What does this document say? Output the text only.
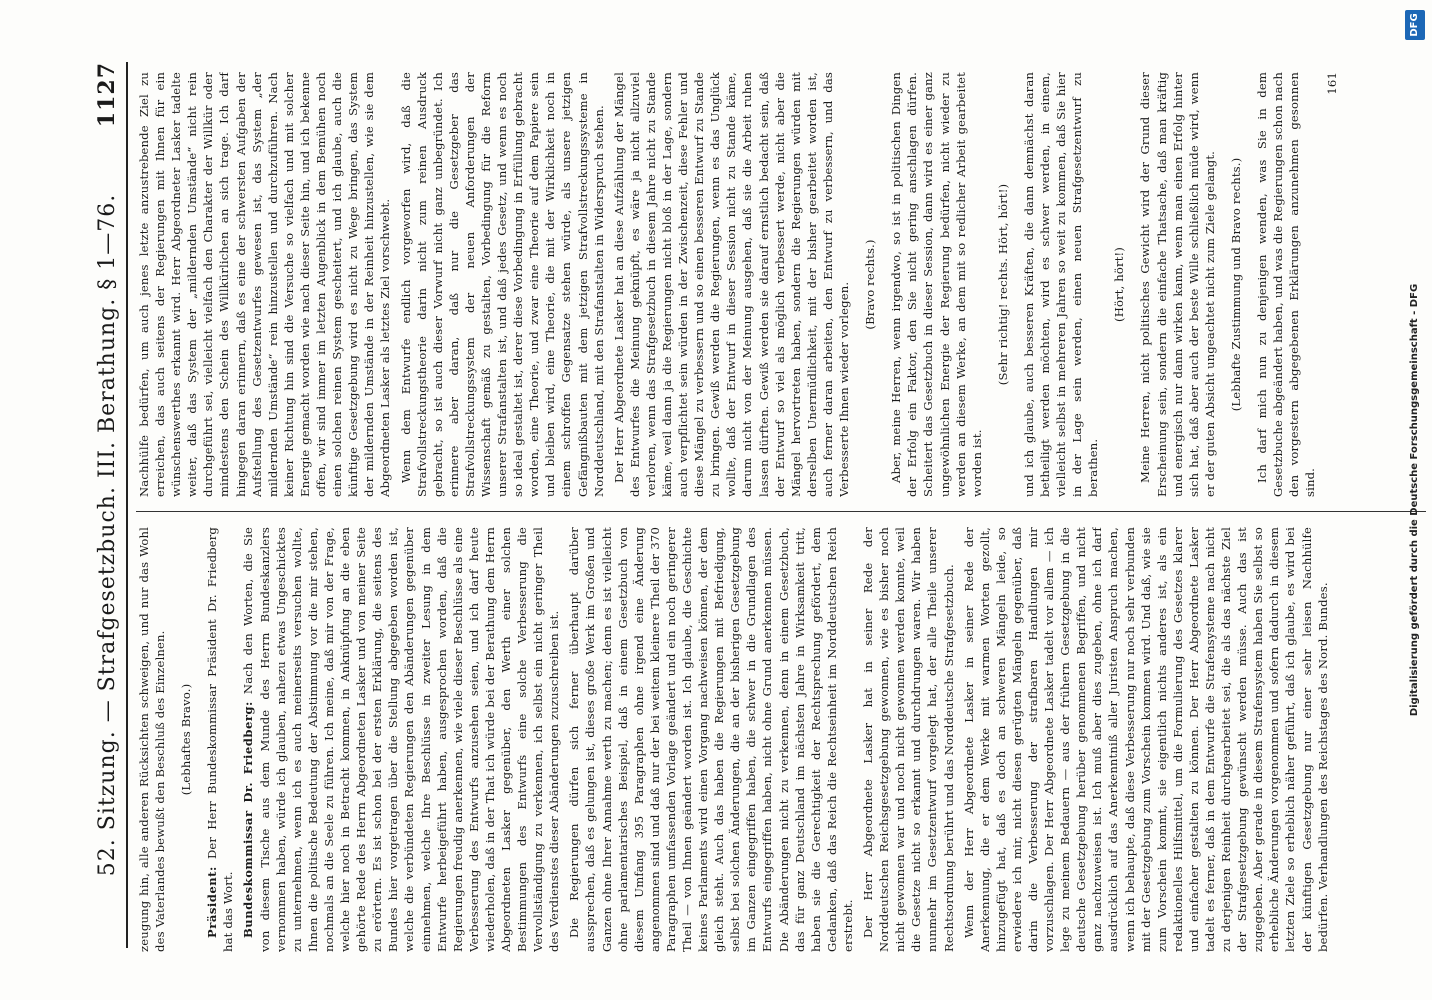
52. Sitzung. — Strafgesetzbuch. III. Berathung. § 1—76.
1127

zeugung hin, alle anderen Rücksichten schweigen, und nur das Wohl des Vaterlandes bewußt den Beschluß des Einzelnen. (Lebhaftes Bravo.)

Präsident: Der Herr Bundeskommissar Präsident Dr. Friedberg hat das Wort. Bundeskommissar Dr. Friedberg: Nach den Worten, die Sie von diesem Tische aus dem Munde des Herrn Bundeskanzlers vernommen haben, würde ich glauben, nahezu etwas Ungeschicktes zu unternehmen, wenn ich es auch meinerseits versuchen wollte, Ihnen die politische Bedeutung der Abstimmung vor die mir stehen, nochmals an die Seele zu führen. Ich meine, daß mir von der Frage, welche hier noch in Betracht kommen, in Anknüpfung an die eben gehörte Rede des Herrn Abgeordneten Lasker und von meiner Seite zu erörtern. Es ist schon bei der ersten Erklärung, die seitens des Bundes hier vorgetragen über die Stellung abgegeben worden ist, welche die verbündeten Regierungen den Abänderungen gegenüber einnehmen, welche Ihre Beschlüsse in zweiter Lesung in dem Entwurfe herbeigeführt haben, ausgesprochen worden, daß die Regierungen freudig anerkennen, wie viele dieser Beschlüsse als eine Verbesserung des Entwurfs anzusehen seien, und ich darf heute wiederholen, daß in der That ich würde bei der Berathung dem Herrn Abgeordneten Lasker gegenüber, den Werth einer solchen Bestimmungen des Entwurfs eine solche Verbesserung die Vervollständigung zu verkennen, ich selbst ein nicht geringer Theil des Verdienstes dieser Abänderungen zuzuschreiben ist. Die Regierungen dürfen sich ferner überhaupt darüber aussprechen, daß es gelungen ist, dieses große Werk im Großen und Ganzen ohne Ihrer Annahme werth zu machen; denn es ist vielleicht ohne parlamentarisches Beispiel, daß in einem Gesetzbuch von diesem Umfang 395 Paragraphen ohne irgend eine Änderung angenommen sind und daß nur der bei weitem kleinere Theil der 370 Paragraphen umfassenden Vorlage geändert und ein noch geringerer Theil — von Ihnen geändert worden ist. Ich glaube, die Geschichte keines Parlaments wird einen Vorgang nachweisen können, der dem gleich steht. Auch das haben die Regierungen mit Befriedigung, selbst bei solchen Änderungen, die an der bisherigen Gesetzgebung im Ganzen eingegriffen haben, die schwer in die Grundlagen des Entwurfs eingegriffen haben, nicht ohne Grund anerkennen müssen. Die Abänderungen nicht zu verkennen, denn in einem Gesetzbuch, das für ganz Deutschland im nächsten Jahre in Wirksamkeit tritt, haben sie die Gerechtigkeit der Rechtsprechung gefördert, dem Gedanken, daß das Reich die Rechtseinheit im Norddeutschen Reich erstrebt. Der Herr Abgeordnete Lasker hat in seiner Rede der Norddeutschen Reichsgesetzgebung gewonnen, wie es bisher noch nicht gewonnen war und noch nicht gewonnen werden konnte, weil die Gesetze nicht so erkannt und durchdrungen waren. Wir haben nunmehr im Gesetzentwurf vorgelegt hat, der alle Theile unserer Rechtsordnung berührt und das Norddeutsche Strafgesetzbuch. Wenn der Herr Abgeordnete Lasker in seiner Rede der Anerkennung, die er dem Werke mit warmen Worten gezollt, hinzugefügt hat, daß es doch an schweren Mängeln leide, so erwiedere ich mir, nicht diesen gerügten Mängeln gegenüber, daß darin die Verbesserung der strafbaren Handlungen mir vorzuschlagen. Der Herr Abgeordnete Lasker tadelt vor allem — ich lege zu meinem Bedauern — aus der frühern Gesetzgebung in die deutsche Gesetzgebung herüber genommenen Begriffen, und nicht ganz nachzuweisen ist. Ich muß aber dies zugeben, ohne ich darf ausdrücklich auf das Anerkenntniß aller Juristen Anspruch machen, wenn ich behaupte, daß diese Verbesserung nur noch sehr verbunden mit der Gesetzgebung zum Vorschein kommen wird. Und daß, wie sie zum Vorschein kommt, sie eigentlich nichts anderes ist, als ein redaktionelles Hilfsmittel, um die Formulierung des Gesetzes klarer und einfacher gestalten zu können. Der Herr Abgeordnete Lasker tadelt es ferner, daß in dem Entwurfe die Strafensysteme nach nicht zu derjenigen Reinheit durchgearbeitet sei, die als das nächste Ziel der Strafgesetzgebung gewünscht werden müsse. Auch das ist zugegeben. Aber gerade in diesem Strafensystem haben Sie selbst so erhebliche Änderungen vorgenommen und sofern dadurch in diesem letzten Ziele so erheblich näher geführt, daß ich glaube, es wird bei der künftigen Gesetzgebung nur einer sehr leisen Nachhülfe bedürfen. Verhandlungen des Reichstages des Nord. Bundes.

Nachhülfe bedürfen, um auch jenes letzte anzustrebende Ziel zu erreichen, das auch seitens der Regierungen mit Ihnen für ein wünschenswerthes erkannt wird. Herr Abgeordneter Lasker tadelte weiter, daß das System der „mildernden Umstände“ nicht rein durchgeführt sei, vielleicht vielfach den Charakter der Willkür oder mindestens den Schein des Willkürlichen an sich trage. Ich darf hingegen daran erinnern, daß es eine der schwersten Aufgaben der Aufstellung des Gesetzentwurfes gewesen ist, das System „der mildernden Umstände“ rein hinzustellen und durchzuführen. Nach keiner Richtung hin sind die Versuche so vielfach und mit solcher Energie gemacht worden wie nach dieser Seite hin, und ich bekenne offen, wir sind immer im letzten Augenblick in dem Bemühen noch einen solchen reinen System gescheitert, und ich glaube, auch die künftige Gesetzgebung wird es nicht zu Wege bringen, das System der mildernden Umstände in der Reinheit hinzustellen, wie sie dem Abgeordneten Lasker als letztes Ziel vorschwebt. Wenn dem Entwurfe endlich vorgeworfen wird, daß die Strafvollstreckungstheorie darin nicht zum reinen Ausdruck gebracht, so ist auch dieser Vorwurf nicht ganz unbegründet. Ich erinnere aber daran, daß nur die Gesetzgeber das Strafvollstreckungssystem der neuen Anforderungen der Wissenschaft gemäß zu gestalten, Vorbedingung für die Reform unserer Strafanstalten ist, und daß jedes Gesetz, und wenn es noch so ideal gestaltet ist, derer diese Vorbedingung in Erfüllung gebracht worden, eine Theorie, und zwar eine Theorie auf dem Papiere sein und bleiben wird, eine Theorie, die mit der Wirklichkeit noch in einem schroffen Gegensatze stehen würde, als unsere jetzigen Gefängnißbauten mit dem jetzigen Strafvollstreckungssysteme in Norddeutschland, mit den Strafanstalten in Widerspruch stehen. Der Herr Abgeordnete Lasker hat an diese Aufzählung der Mängel des Entwurfes die Meinung geknüpft, es wäre ja nicht allzuviel verloren, wenn das Strafgesetzbuch in diesem Jahre nicht zu Stande käme, weil dann ja die Regierungen nicht bloß in der Lage, sondern auch verpflichtet sein würden in der Zwischenzeit, diese Fehler und diese Mängel zu verbessern und so einen besseren Entwurf zu Stande zu bringen. Gewiß werden die Regierungen, wenn es das Unglück wollte, daß der Entwurf in dieser Session nicht zu Stande käme, darum nicht von der Meinung ausgehen, daß sie die Arbeit ruhen lassen dürften. Gewiß werden sie darauf ernstlich bedacht sein, daß der Entwurf so viel als möglich verbessert werde, nicht aber die Mängel hervortreten haben, sondern die Regierungen würden mit derselben Unermüdlichkeit, mit der bisher gearbeitet worden ist, auch ferner daran arbeiten, den Entwurf zu verbessern, und das Verbesserte Ihnen wieder vorlegen. (Bravo rechts.) Aber, meine Herren, wenn irgendwo, so ist in politischen Dingen der Erfolg ein Faktor, den Sie nicht gering anschlagen dürfen. Scheitert das Gesetzbuch in dieser Session, dann wird es einer ganz ungewöhnlichen Energie der Regierung bedürfen, nicht wieder zu werden an diesem Werke, an dem mit so redlicher Arbeit gearbeitet worden ist.

(Sehr richtig! rechts. Hört, hört!) und ich glaube, auch besseren Kräften, die dann demnächst daran betheiligt werden möchten, wird es schwer werden, in einem, vielleicht selbst in mehreren Jahren so weit zu kommen, daß Sie hier in der Lage sein werden, einen neuen Strafgesetzentwurf zu berathen.

(Hört, hört!) Meine Herren, nicht politisches Gewicht wird der Grund dieser Erscheinung sein, sondern die einfache Thatsache, daß man kräftig und energisch nur dann wirken kann, wenn man einen Erfolg hinter sich hat, daß aber auch der beste Wille schließlich müde wird, wenn er der guten Absicht ungeachtet nicht zum Ziele gelangt. (Lebhafte Zustimmung und Bravo rechts.) Ich darf mich nun zu denjenigen wenden, was Sie in dem Gesetzbuche abgeändert haben, und was die Regierungen schon nach den vorgestern abgegebenen Erklärungen anzunehmen gesonnen sind.

161

Digitalisierung gefördert durch die Deutsche Forschungsgemeinschaft - DFG
DFG
